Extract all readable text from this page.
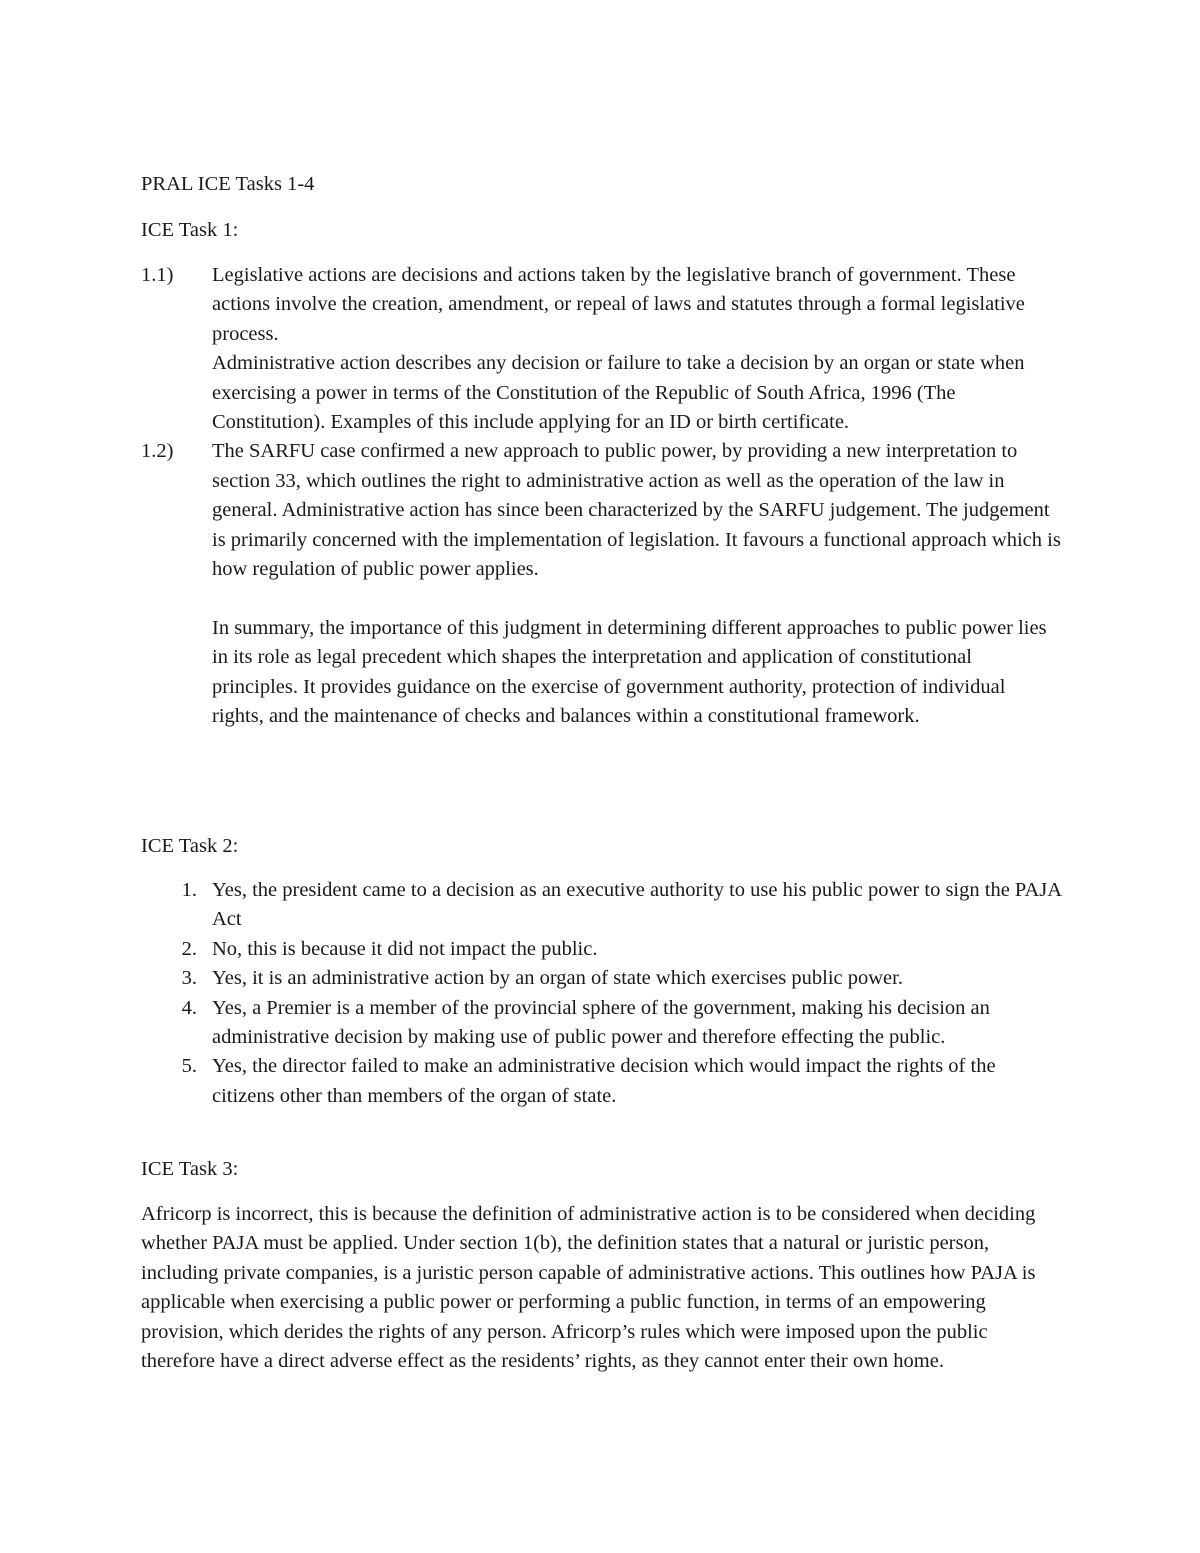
PRAL ICE Tasks 1-4

ICE Task 1:

1.1)	Legislative actions are decisions and actions taken by the legislative branch of government. These actions involve the creation, amendment, or repeal of laws and statutes through a formal legislative process.
Administrative action describes any decision or failure to take a decision by an organ or state when exercising a power in terms of the Constitution of the Republic of South Africa, 1996 (The Constitution). Examples of this include applying for an ID or birth certificate.
1.2)	The SARFU case confirmed a new approach to public power, by providing a new interpretation to section 33, which outlines the right to administrative action as well as the operation of the law in general. Administrative action has since been characterized by the SARFU judgement. The judgement is primarily concerned with the implementation of legislation. It favours a functional approach which is how regulation of public power applies.
In summary, the importance of this judgment in determining different approaches to public power lies in its role as legal precedent which shapes the interpretation and application of constitutional principles. It provides guidance on the exercise of government authority, protection of individual rights, and the maintenance of checks and balances within a constitutional framework.

ICE Task 2:

1. Yes, the president came to a decision as an executive authority to use his public power to sign the PAJA Act
2. No, this is because it did not impact the public.
3. Yes, it is an administrative action by an organ of state which exercises public power.
4. Yes, a Premier is a member of the provincial sphere of the government, making his decision an administrative decision by making use of public power and therefore effecting the public.
5. Yes, the director failed to make an administrative decision which would impact the rights of the citizens other than members of the organ of state.

ICE Task 3:

Africorp is incorrect, this is because the definition of administrative action is to be considered when deciding whether PAJA must be applied. Under section 1(b), the definition states that a natural or juristic person, including private companies, is a juristic person capable of administrative actions. This outlines how PAJA is applicable when exercising a public power or performing a public function, in terms of an empowering provision, which derides the rights of any person. Africorp’s rules which were imposed upon the public therefore have a direct adverse effect as the residents’ rights, as they cannot enter their own home.
